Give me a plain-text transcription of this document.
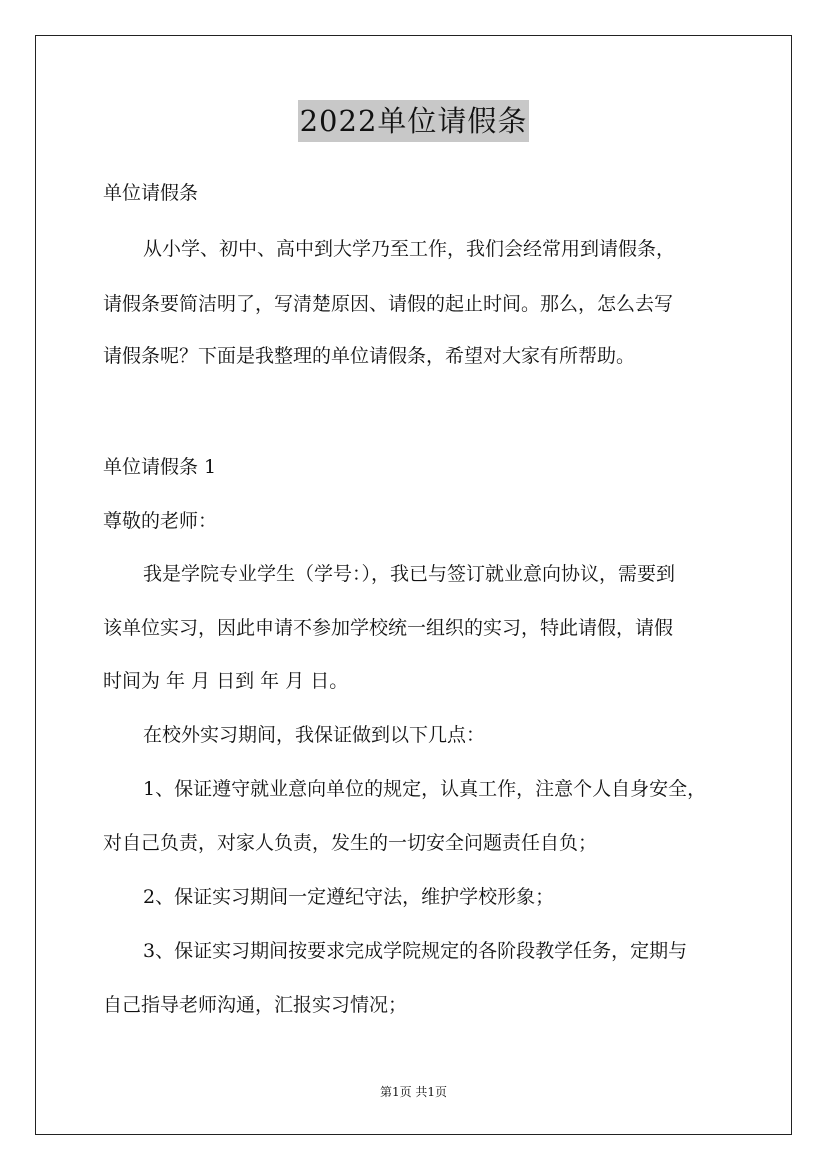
2022单位请假条
单位请假条
从小学、初中、高中到大学乃至工作，我们会经常用到请假条，
请假条要简洁明了，写清楚原因、请假的起止时间。那么，怎么去写
请假条呢？下面是我整理的单位请假条，希望对大家有所帮助。
单位请假条 1
尊敬的老师：
我是学院专业学生（学号：），我已与签订就业意向协议，需要到
该单位实习，因此申请不参加学校统一组织的实习，特此请假，请假
时间为 年 月 日到 年 月 日。
在校外实习期间，我保证做到以下几点：
1、保证遵守就业意向单位的规定，认真工作，注意个人自身安全，
对自己负责，对家人负责，发生的一切安全问题责任自负；
2、保证实习期间一定遵纪守法，维护学校形象；
3、保证实习期间按要求完成学院规定的各阶段教学任务，定期与
自己指导老师沟通，汇报实习情况；
第1页 共1页
